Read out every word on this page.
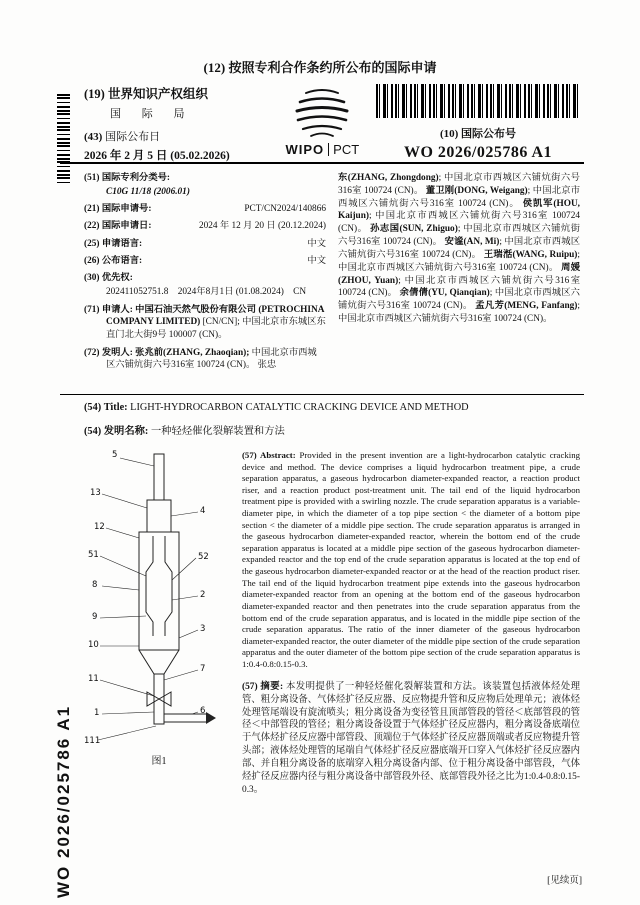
WO 2026/025786 A1
(12) 按照专利合作条约所公布的国际申请
(19) 世界知识产权组织
国 际 局
(43) 国际公布日
2026 年 2 月 5 日 (05.02.2026)	WIPO PCT
(10) 国际公布号
WO 2026/025786 A1
(51) 国际专利分类号:
C10G 11/18 (2006.01)
(21) 国际申请号:	PCT/CN2024/140866
(22) 国际申请日:	2024 年 12 月 20 日 (20.12.2024)
(25) 申请语言:	中文
(26) 公布语言:	中文
(30) 优先权:
202411052751.8    2024年8月1日 (01.08.2024)    CN
(71) 申请人: 中国石油天然气股份有限公司 (PETROCHINA COMPANY LIMITED) [CN/CN]; 中国北京市东城区东直门北大街9号 100007 (CN)。
(72) 发明人: 张兆前(ZHANG, Zhaoqian); 中国北京市西城区六铺炕街六号316室 100724 (CN)。 张忠
东(ZHANG, Zhongdong); 中国北京市西城区六铺炕街六号316室 100724 (CN)。 董卫刚(DONG, Weigang); 中国北京市西城区六铺炕街六号316室 100724 (CN)。 侯凯军(HOU, Kaijun); 中国北京市西城区六铺炕街六号316室 100724 (CN)。 孙志国(SUN, Zhiguo); 中国北京市西城区六铺炕街六号316室 100724 (CN)。 安谧(AN, Mi); 中国北京市西城区六铺炕街六号316室 100724 (CN)。 王瑞湉(WANG, Ruipu); 中国北京市西城区六铺炕街六号316室 100724 (CN)。 周媛(ZHOU, Yuan); 中国北京市西城区六铺炕街六号316室 100724 (CN)。 余倩倩(YU, Qianqian); 中国北京市西城区六铺炕街六号316室 100724 (CN)。 孟凡芳(MENG, Fanfang); 中国北京市西城区六铺炕街六号316室 100724 (CN)。
(54) Title: LIGHT-HYDROCARBON CATALYTIC CRACKING DEVICE AND METHOD
(54) 发明名称: 一种轻烃催化裂解装置和方法
5
13
12
4
51	52
8
2
3
9
10
7
11
1	6
111
图1

(57) Abstract: Provided in the present invention are a light-hydrocarbon catalytic cracking device and method. The device comprises a liquid hydrocarbon treatment pipe, a crude separation apparatus, a gaseous hydrocarbon diameter-expanded reactor, a reaction product riser, and a reaction product post-treatment unit. The tail end of the liquid hydrocarbon treatment pipe is provided with a swirling nozzle. The crude separation apparatus is a variable-diameter pipe, in which the diameter of a top pipe section < the diameter of a bottom pipe section < the diameter of a middle pipe section. The crude separation apparatus is arranged in the gaseous hydrocarbon diameter-expanded reactor, wherein the bottom end of the crude separation apparatus is located at a middle pipe section of the gaseous hydrocarbon diameter-expanded reactor and the top end of the crude separation apparatus is located at the top end of the gaseous hydrocarbon diameter-expanded reactor or at the head of the reaction product riser. The tail end of the liquid hydrocarbon treatment pipe extends into the gaseous hydrocarbon diameter-expanded reactor from an opening at the bottom end of the gaseous hydrocarbon diameter-expanded reactor and then penetrates into the crude separation apparatus from the bottom end of the crude separation apparatus, and is located in the middle pipe section of the crude separation apparatus. The ratio of the inner diameter of the gaseous hydrocarbon diameter-expanded reactor, the outer diameter of the middle pipe section of the crude separation apparatus and the outer diameter of the bottom pipe section of the crude separation apparatus is 1:0.4-0.8:0.15-0.3.

(57) 摘要: 本发明提供了一种轻烃催化裂解装置和方法。该装置包括液体烃处理管、粗分离设备、气体烃扩径反应器、反应物提升管和反应物后处理单元；液体烃处理管尾端设有旋流喷头；粗分离设备为变径管且顶部管段的管径＜底部管段的管径＜中部管段的管径；粗分离设备设置于气体烃扩径反应器内，粗分离设备底端位于气体烃扩径反应器中部管段、顶端位于气体烃扩径反应器顶端或者反应物提升管头部；液体烃处理管的尾端自气体烃扩径反应器底端开口穿入气体烃扩径反应器内部、并自粗分离设备的底端穿入粗分离设备内部、位于粗分离设备中部管段，气体烃扩径反应器内径与粗分离设备中部管段外径、底部管段外径之比为1:0.4-0.8:0.15-0.3。

[见续页]
